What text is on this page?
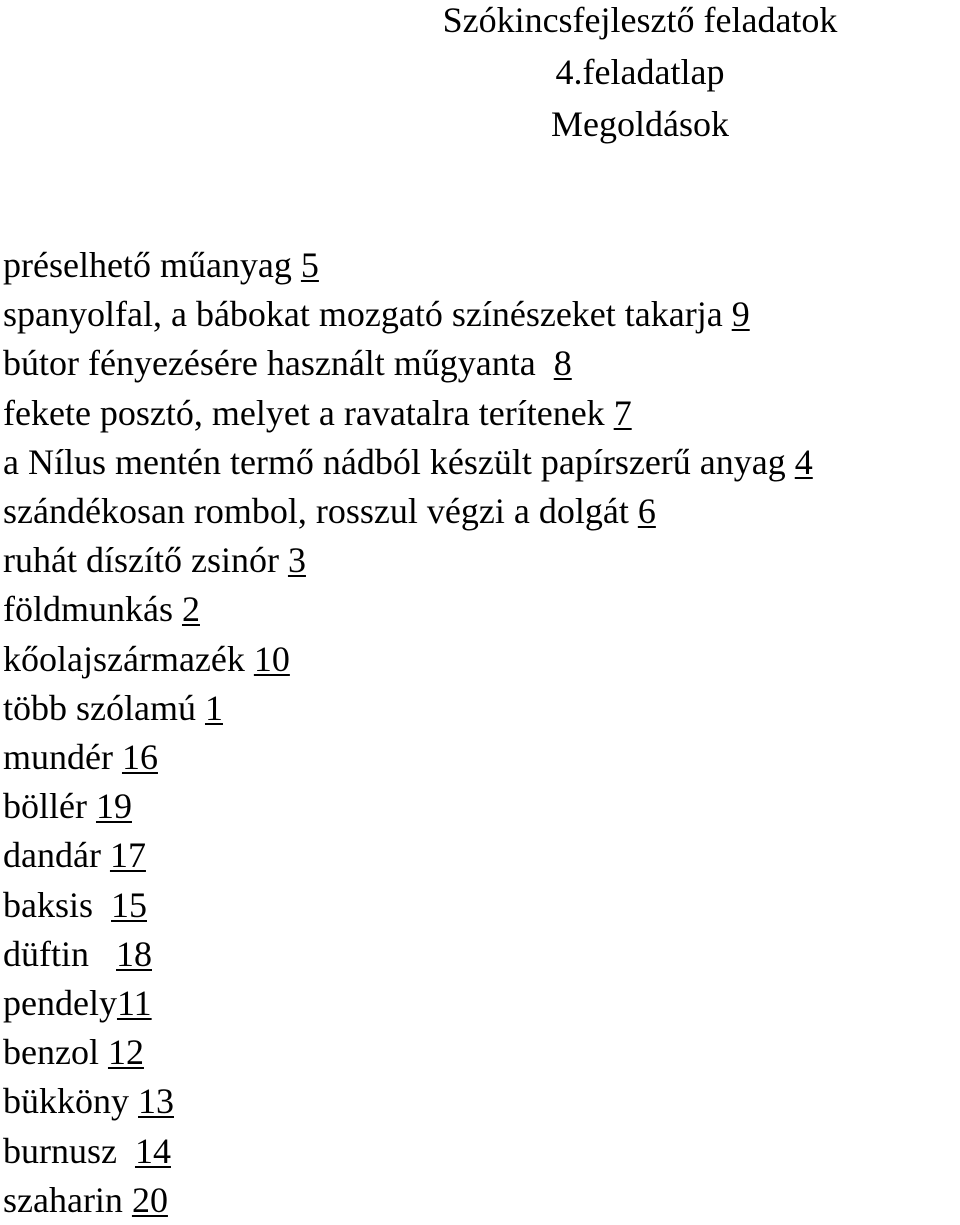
Szókincsfejlesztő feladatok
4.feladatlap
Megoldások
préselhető műanyag 5
spanyolfal, a bábokat mozgató színészeket takarja 9
bútor fényezésére használt műgyanta  8
fekete posztó, melyet a ravatalra terítenek 7
a Nílus mentén termő nádból készült papírszerű anyag 4
szándékosan rombol, rosszul végzi a dolgát 6
ruhát díszítő zsinór 3
földmunkás 2
kőolajszármazék 10
több szólamú 1
mundér 16
böllér 19
dandár 17
baksis  15
düftin   18
pendely11
benzol 12
bükköny 13
burnusz  14
szaharin 20
